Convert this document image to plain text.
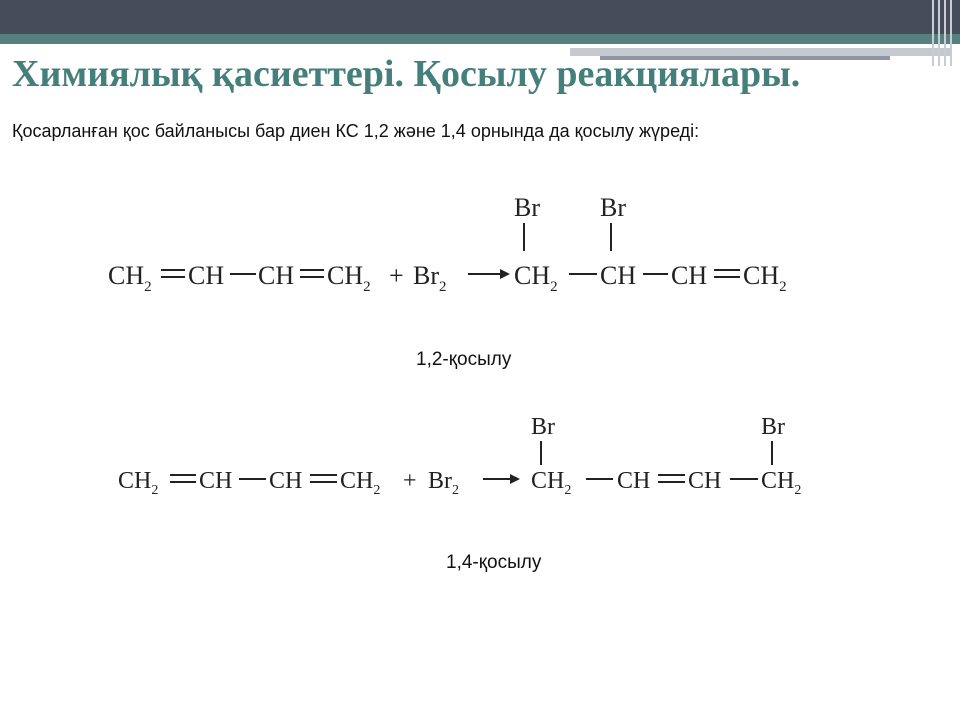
Химиялық қасиеттері. Қосылу реакциялары.

Қосарланған қос байланысы бар диен КС 1,2 және 1,4 орнында да қосылу жүреді:

$CH_2$ CH CH $CH_2 + Br_2$
Br
$CH_2$
Br
CH CH $CH_2$
1,2-қосылу
$CH_2$ CH CH $CH_2 + Br_2$
Br
$CH_2$ CH CH
Br
$CH_2$
1,4-қосылу
